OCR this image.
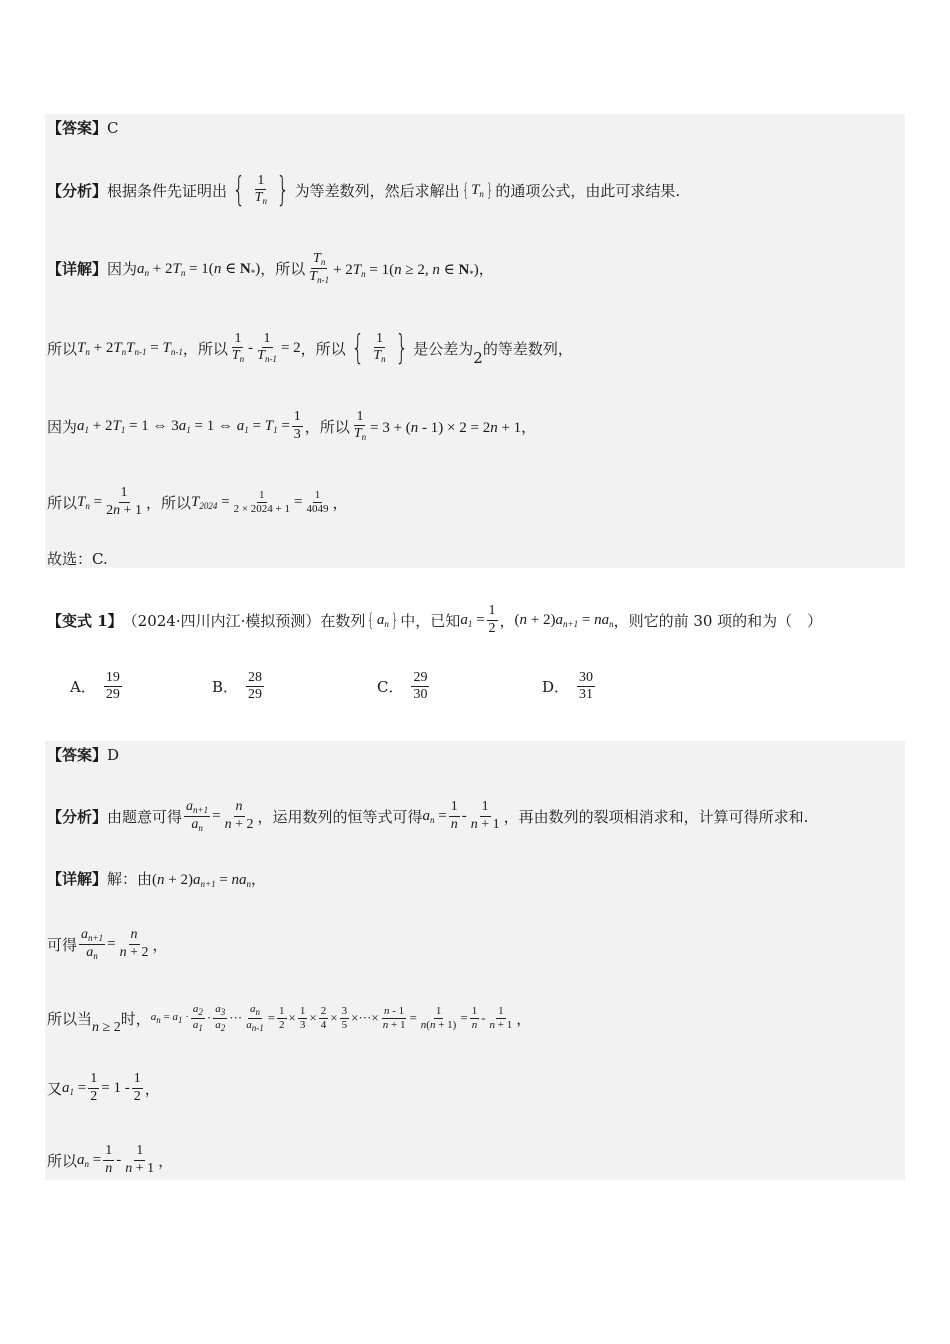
【答案】 C
【分析】 根据条件先证明出 { $\frac{1}{T_n}$ } 为等差数列，然后求解出 { $T_n$ } 的通项公式，由此可求结果.
【详解】 因为 $a_n + 2T_n = 1(n$ ∈ $N_*$) ，所以 $\frac{T_n}{T_{n-1}} + 2T_n = 1(n \ge 2$, n ∈ $N_*$)，
所以 $T_n + 2T_nT_{n-1} = T_{n-1}$ ，所以 $\frac{1}{T_n} - \frac{1}{T_{n-1}} = 2$ ，所以 { $\frac{1}{T_n}$ } 是公差为
2
的等差数列，
因为 $a_1 + 2T_1 = 1$ ⇔ $3a_1 = 1$ ⇔ $a_1 = T_1 = \frac{1}{3}$ ，所以 $\frac{1}{T_n} = 3 + (n - 1) \times 2 = 2n + 1$，
所以 $T_n = \frac{1}{2n + 1}$ ，所以 $T_{2024} = \frac{1}{2 \times 2024 + 1} = \frac{1}{4049}$ ，
故选：C.
【变式 1】 （2024·四川内江·模拟预测）在数列 { $a_n$ } 中，已知 $a_1 = \frac{1}{2}$ ， $(n + 2)a_{n+1} = na_n$ ，则它的前 30 项的和为（　）
A． $\frac{19}{29}$	B． $\frac{28}{29}$	C． $\frac{29}{30}$	D． $\frac{30}{31}$
【答案】 D
【分析】 由题意可得 $\frac{a_{n+1}}{a_n} = \frac{n}{n + 2}$ ，运用数列的恒等式可得 $a_n = \frac{1}{n} - \frac{1}{n + 1}$ ，再由数列的裂项相消求和，计算可得所求和.
【详解】 解：由 $(n + 2)a_{n+1} = na_n$，
可得 $\frac{a_{n+1}}{a_n} = \frac{n}{n + 2}$ ，
所以当 n ≥ 2 时， $a_n = a_1 \cdot \frac{a_2}{a_1} \cdot \frac{a_3}{a_2}$ ··· $\frac{a_n}{a_{n-1}} = \frac{1}{2} \times \frac{1}{3} \times \frac{2}{4} \times \frac{3}{5}$ ×···× $\frac{n - 1}{n + 1} = \frac{1}{n(n + 1)} = \frac{1}{n} - \frac{1}{n + 1}$ ，
又 $a_1 = \frac{1}{2} = 1 - \frac{1}{2}$ ，
所以 $a_n = \frac{1}{n} - \frac{1}{n + 1}$ ，
